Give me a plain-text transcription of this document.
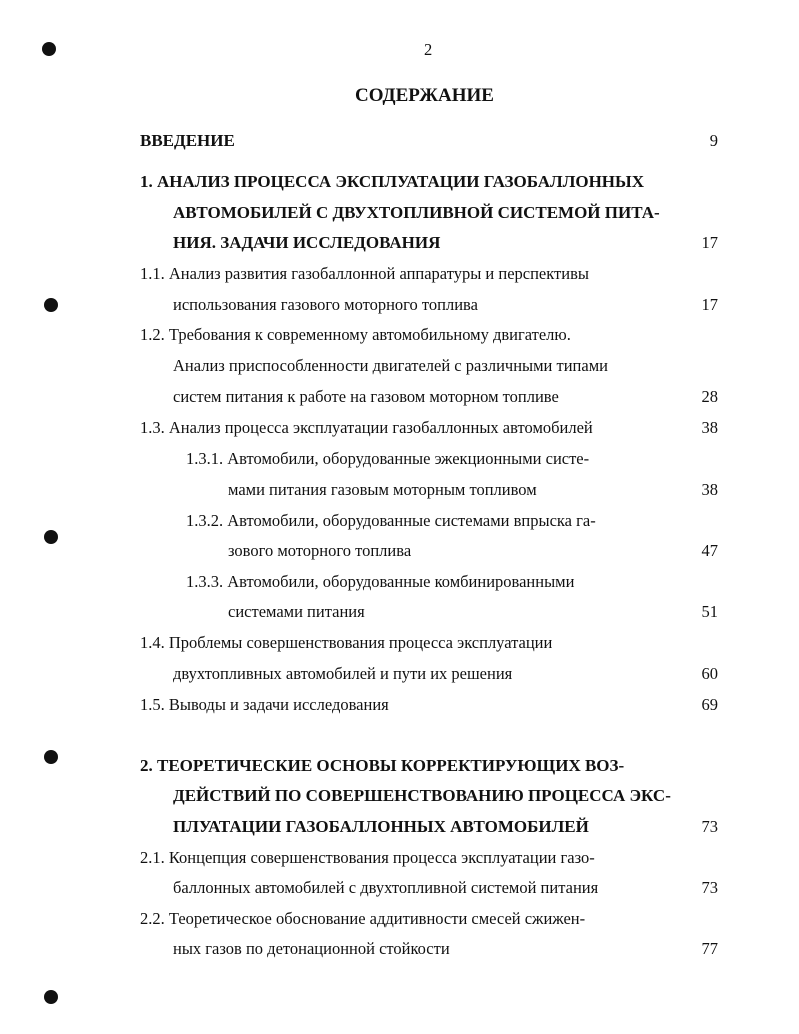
2
СОДЕРЖАНИЕ
ВВЕДЕНИЕ	9
1. АНАЛИЗ ПРОЦЕССА ЭКСПЛУАТАЦИИ ГАЗОБАЛЛОННЫХ
АВТОМОБИЛЕЙ С ДВУХТОПЛИВНОЙ СИСТЕМОЙ ПИТА-
НИЯ. ЗАДАЧИ ИССЛЕДОВАНИЯ	17
1.1. Анализ развития газобаллонной аппаратуры и перспективы
использования газового моторного топлива	17
1.2. Требования к современному автомобильному двигателю.
Анализ приспособленности двигателей с различными типами
систем питания к работе на газовом моторном топливе	28
1.3. Анализ процесса эксплуатации газобаллонных автомобилей	38
1.3.1. Автомобили, оборудованные эжекционными систе-
мами питания газовым моторным топливом	38
1.3.2. Автомобили, оборудованные системами впрыска га-
зового моторного топлива	47
1.3.3. Автомобили, оборудованные комбинированными
системами питания	51
1.4. Проблемы совершенствования процесса эксплуатации
двухтопливных автомобилей и пути их решения	60
1.5. Выводы и задачи исследования	69
2. ТЕОРЕТИЧЕСКИЕ ОСНОВЫ КОРРЕКТИРУЮЩИХ ВОЗ-
ДЕЙСТВИЙ ПО СОВЕРШЕНСТВОВАНИЮ ПРОЦЕССА ЭКС-
ПЛУАТАЦИИ ГАЗОБАЛЛОННЫХ АВТОМОБИЛЕЙ	73
2.1. Концепция совершенствования процесса эксплуатации газо-
баллонных автомобилей с двухтопливной системой питания	73
2.2. Теоретическое обоснование аддитивности смесей сжижен-
ных газов по детонационной стойкости	77
